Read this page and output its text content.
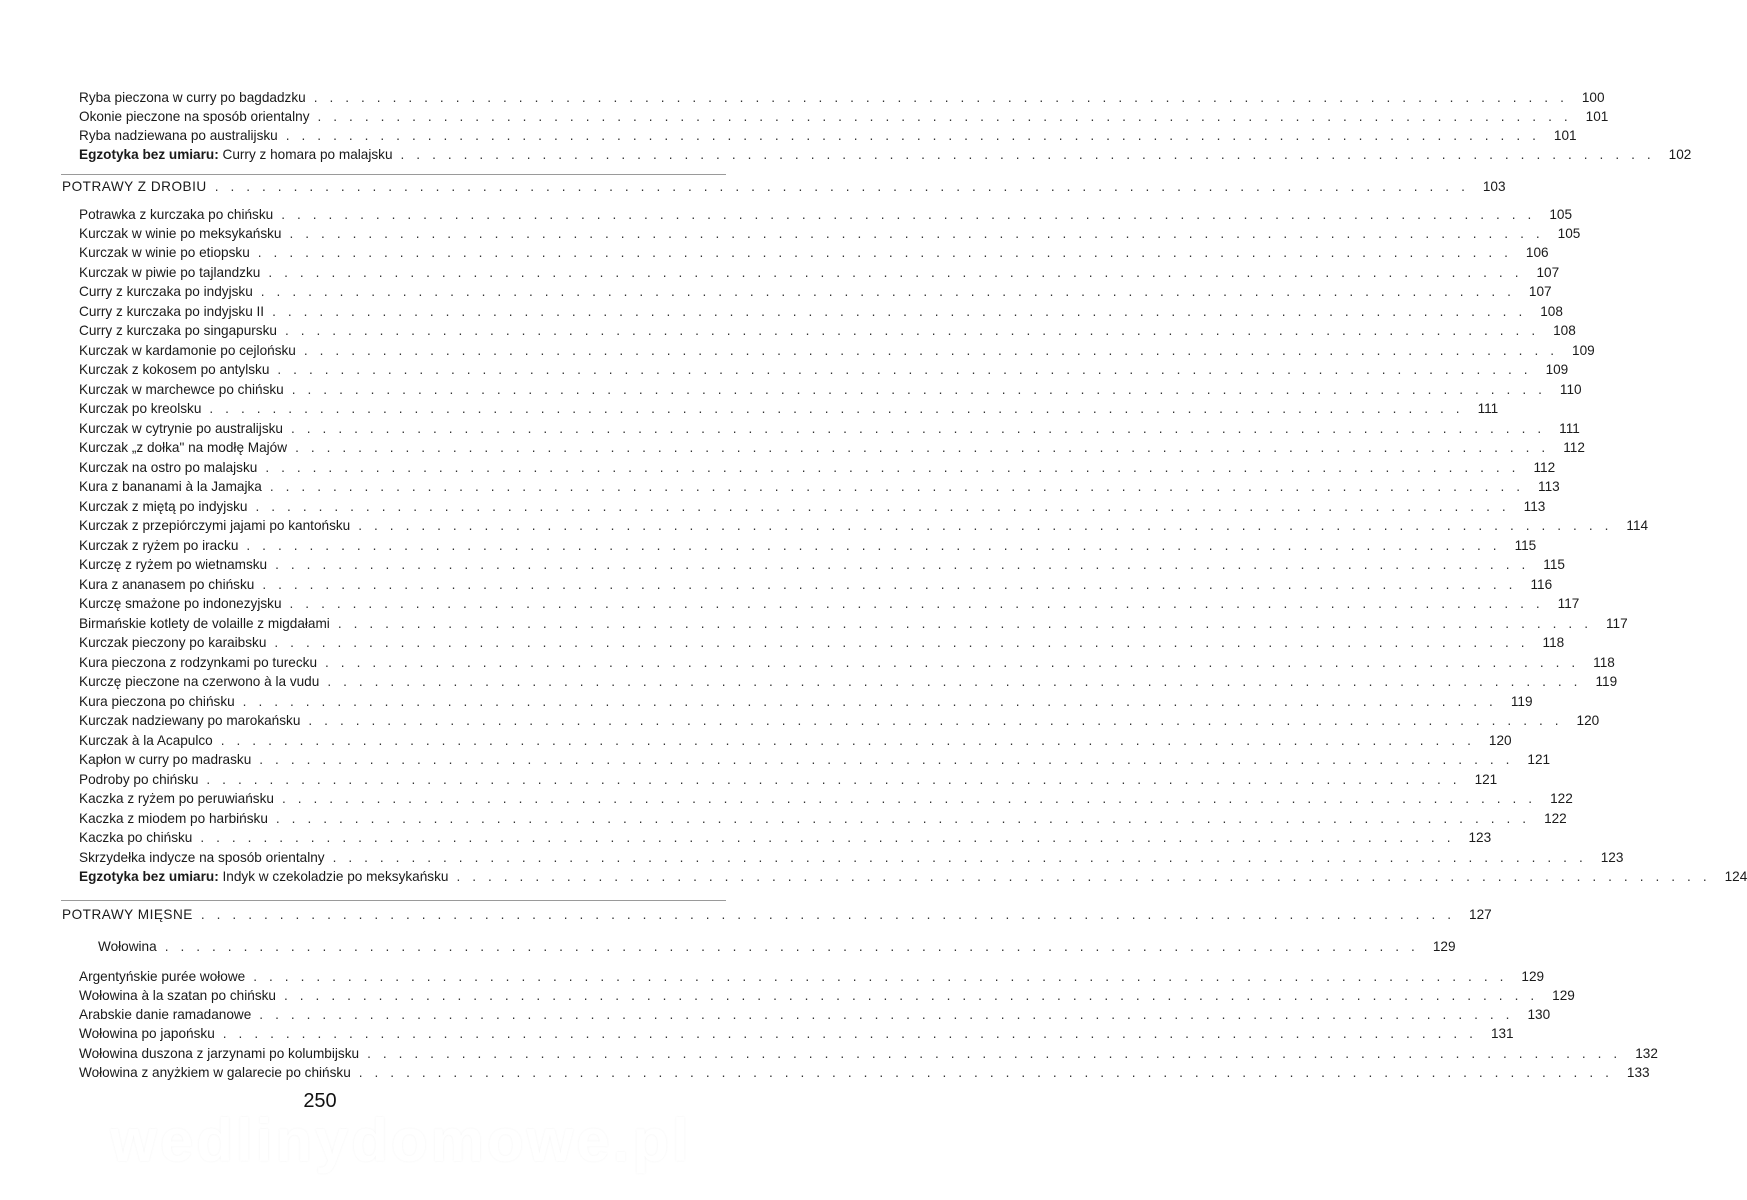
Ryba pieczona w curry po bagdadzku ................................................................................ 100
Okonie pieczone na sposób orientalny ................................................................................ 101
Ryba nadziewana po australijsku ................................................................................ 101
Egzotyka bez umiaru: Curry z homara po malajsku ................................................................................ 102
POTRAWY Z DROBIU ................................................................................ 103
Potrawka z kurczaka po chińsku ................................................................................ 105
Kurczak w winie po meksykańsku ................................................................................ 105
Kurczak w winie po etiopsku ................................................................................ 106
Kurczak w piwie po tajlandzku ................................................................................ 107
Curry z kurczaka po indyjsku ................................................................................ 107
Curry z kurczaka po indyjsku II ................................................................................ 108
Curry z kurczaka po singapursku ................................................................................ 108
Kurczak w kardamonie po cejlońsku ................................................................................ 109
Kurczak z kokosem po antylsku ................................................................................ 109
Kurczak w marchewce po chińsku ................................................................................ 110
Kurczak po kreolsku ................................................................................ 111
Kurczak w cytrynie po australijsku ................................................................................ 111
Kurczak „z dołka" na modłę Majów ................................................................................ 112
Kurczak na ostro po malajsku ................................................................................ 112
Kura z bananami à la Jamajka ................................................................................ 113
Kurczak z miętą po indyjsku ................................................................................ 113
Kurczak z przepiórczymi jajami po kantońsku ................................................................................ 114
Kurczak z ryżem po iracku ................................................................................ 115
Kurczę z ryżem po wietnamsku ................................................................................ 115
Kura z ananasem po chińsku ................................................................................ 116
Kurczę smażone po indonezyjsku ................................................................................ 117
Birmańskie kotlety de volaille z migdałami ................................................................................ 117
Kurczak pieczony po karaibsku ................................................................................ 118
Kura pieczona z rodzynkami po turecku ................................................................................ 118
Kurczę pieczone na czerwono à la vudu ................................................................................ 119
Kura pieczona po chińsku ................................................................................ 119
Kurczak nadziewany po marokańsku ................................................................................ 120
Kurczak à la Acapulco ................................................................................ 120
Kapłon w curry po madrasku ................................................................................ 121
Podroby po chińsku ................................................................................ 121
Kaczka z ryżem po peruwiańsku ................................................................................ 122
Kaczka z miodem po harbińsku ................................................................................ 122
Kaczka po chińsku ................................................................................ 123
Skrzydełka indycze na sposób orientalny ................................................................................ 123
Egzotyka bez umiaru: Indyk w czekoladzie po meksykańsku ................................................................................ 124
POTRAWY MIĘSNE ................................................................................ 127
Wołowina ................................................................................ 129
Argentyńskie purée wołowe ................................................................................ 129
Wołowina à la szatan po chińsku ................................................................................ 129
Arabskie danie ramadanowe ................................................................................ 130
Wołowina po japońsku ................................................................................ 131
Wołowina duszona z jarzynami po kolumbijsku ................................................................................ 132
Wołowina z anyżkiem w galarecie po chińsku ................................................................................ 133
250
wedlinydomowe.pl
